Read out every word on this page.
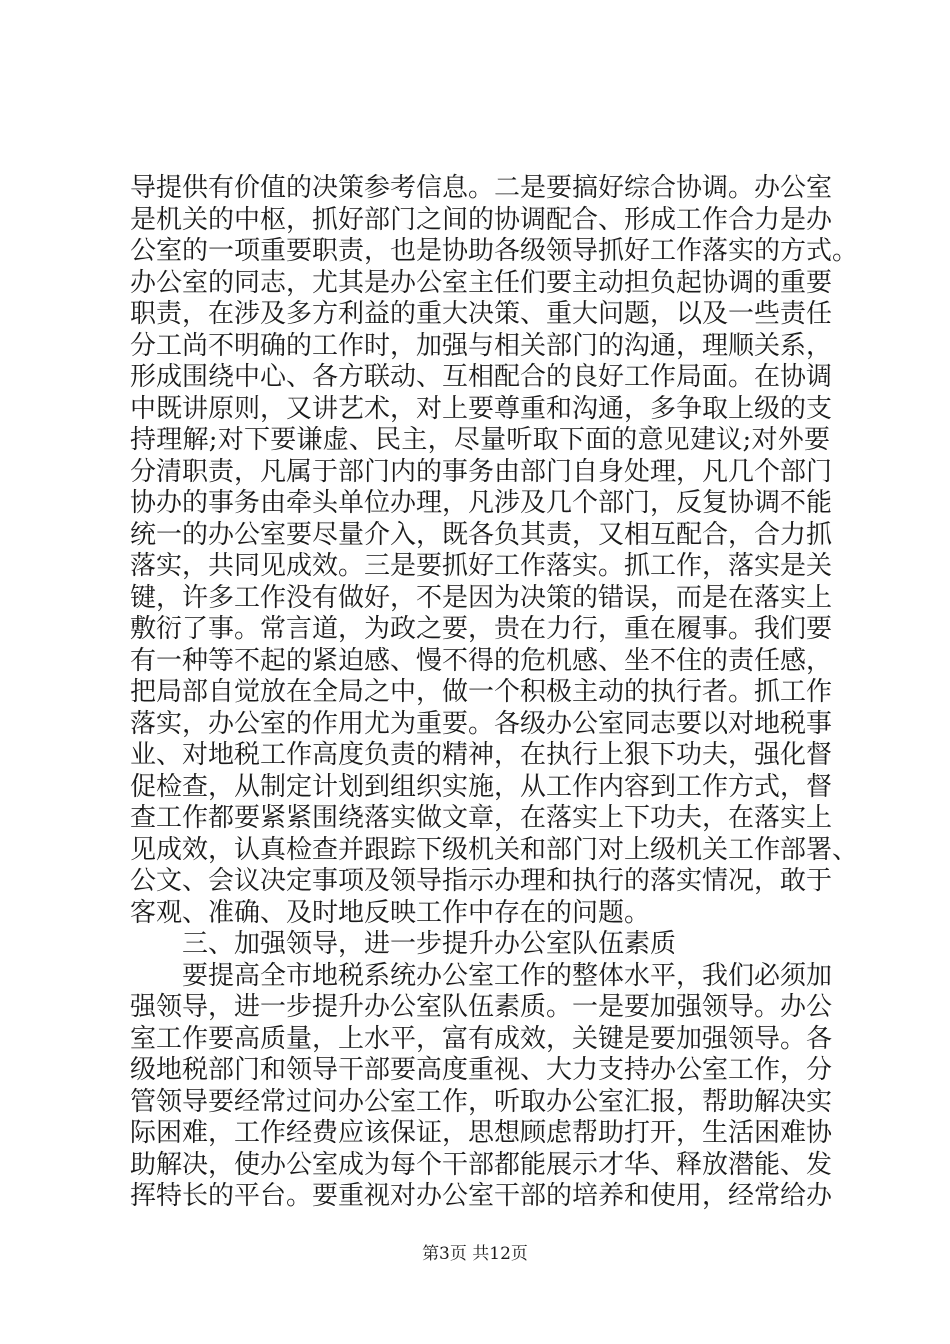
导提供有价值的决策参考信息。二是要搞好综合协调。办公室
是机关的中枢，抓好部门之间的协调配合、形成工作合力是办
公室的一项重要职责，也是协助各级领导抓好工作落实的方式。
办公室的同志，尤其是办公室主任们要主动担负起协调的重要
职责，在涉及多方利益的重大决策、重大问题，以及一些责任
分工尚不明确的工作时，加强与相关部门的沟通，理顺关系，
形成围绕中心、各方联动、互相配合的良好工作局面。在协调
中既讲原则，又讲艺术，对上要尊重和沟通，多争取上级的支
持理解;对下要谦虚、民主，尽量听取下面的意见建议;对外要
分清职责，凡属于部门内的事务由部门自身处理，凡几个部门
协办的事务由牵头单位办理，凡涉及几个部门，反复协调不能
统一的办公室要尽量介入，既各负其责，又相互配合，合力抓
落实，共同见成效。三是要抓好工作落实。抓工作，落实是关
键，许多工作没有做好，不是因为决策的错误，而是在落实上
敷衍了事。常言道，为政之要，贵在力行，重在履事。我们要
有一种等不起的紧迫感、慢不得的危机感、坐不住的责任感，
把局部自觉放在全局之中，做一个积极主动的执行者。抓工作
落实，办公室的作用尤为重要。各级办公室同志要以对地税事
业、对地税工作高度负责的精神，在执行上狠下功夫，强化督
促检查，从制定计划到组织实施，从工作内容到工作方式，督
查工作都要紧紧围绕落实做文章，在落实上下功夫，在落实上
见成效，认真检查并跟踪下级机关和部门对上级机关工作部署、
公文、会议决定事项及领导指示办理和执行的落实情况，敢于
客观、准确、及时地反映工作中存在的问题。
三、加强领导，进一步提升办公室队伍素质
要提高全市地税系统办公室工作的整体水平，我们必须加
强领导，进一步提升办公室队伍素质。一是要加强领导。办公
室工作要高质量，上水平，富有成效，关键是要加强领导。各
级地税部门和领导干部要高度重视、大力支持办公室工作，分
管领导要经常过问办公室工作，听取办公室汇报，帮助解决实
际困难，工作经费应该保证，思想顾虑帮助打开，生活困难协
助解决，使办公室成为每个干部都能展示才华、释放潜能、发
挥特长的平台。要重视对办公室干部的培养和使用，经常给办
第3页 共12页
